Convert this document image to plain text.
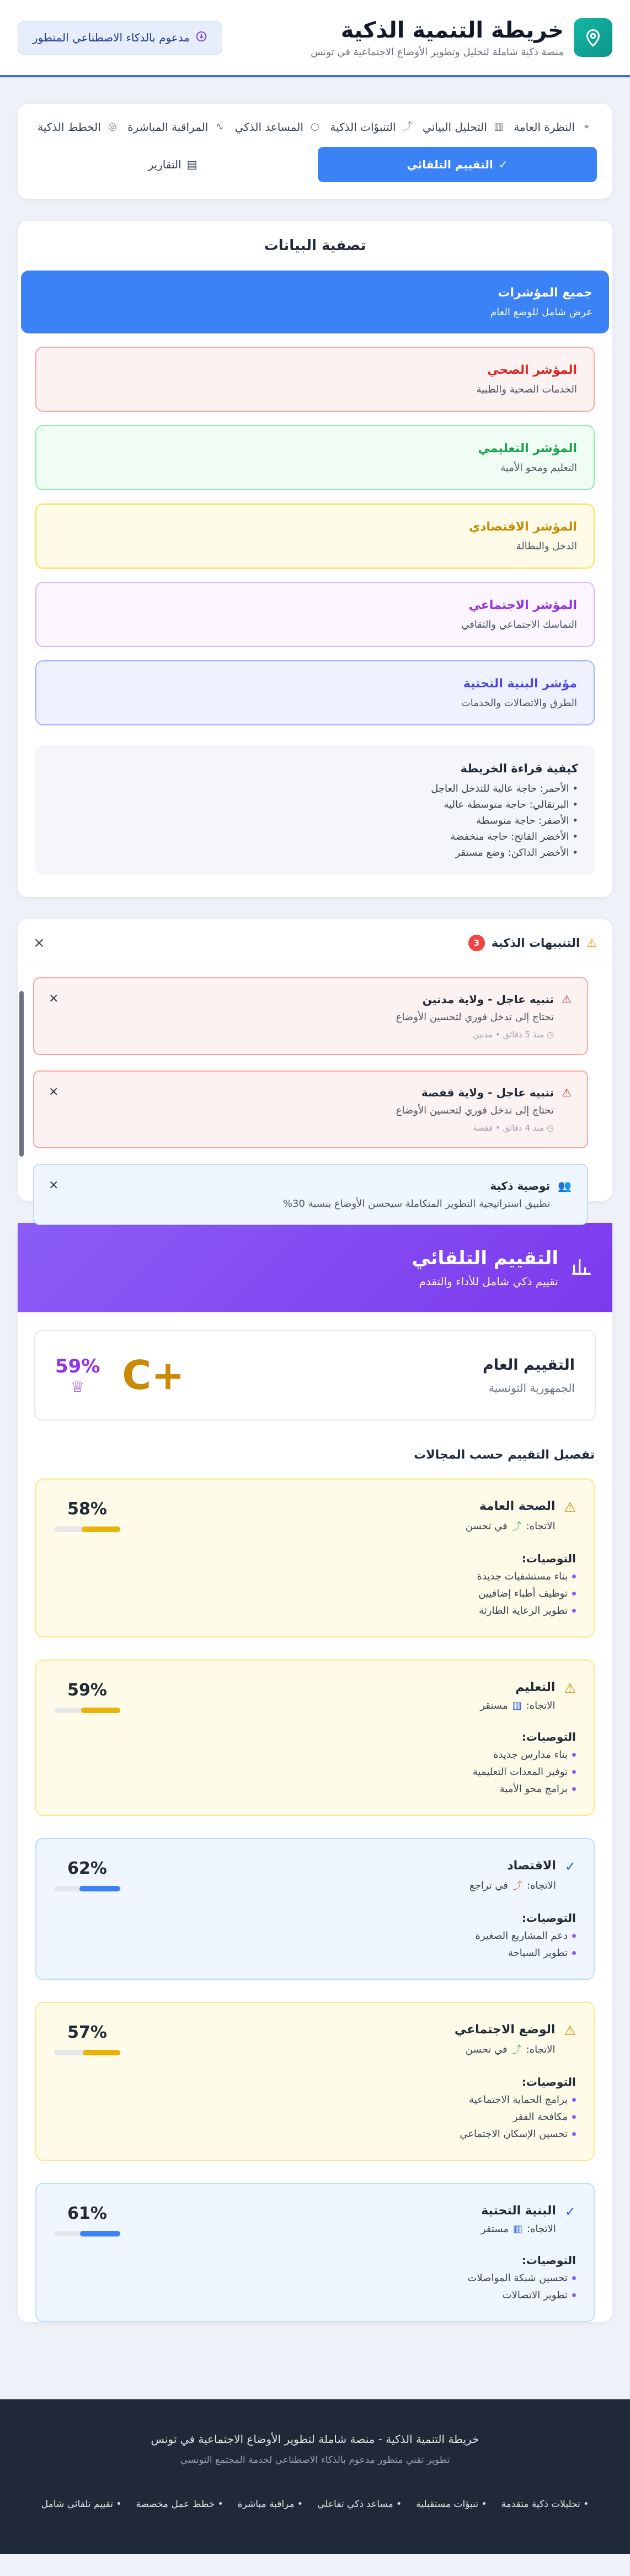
خريطة التنمية الذكية

منصة ذكية شاملة لتحليل وتطوير الأوضاع الاجتماعية في تونس

مدعوم بالذكاء الاصطناعي المتطور
⌖
النظرة العامة
▥
التحليل البياني
⤴
التنبؤات الذكية
○
المساعد الذكي
∿
المراقبة المباشرة
◎
الخطط الذكية
✓
التقييم التلقائي
▤
التقارير
تصفية البيانات
جميع المؤشرات
عرض شامل للوضع العام
المؤشر الصحي
الخدمات الصحية والطبية
المؤشر التعليمي
التعليم ومحو الأمية
المؤشر الاقتصادي
الدخل والبطالة
المؤشر الاجتماعي
التماسك الاجتماعي والثقافي
مؤشر البنية التحتية
الطرق والاتصالات والخدمات
كيفية قراءة الخريطة
• الأحمر: حاجة عالية للتدخل العاجل
• البرتقالي: حاجة متوسطة عالية
• الأصفر: حاجة متوسطة
• الأخضر الفاتح: حاجة منخفضة
• الأخضر الداكن: وضع مستقر
⚠
التنبيهات الذكية
3
×
⚠
تنبيه عاجل - ولاية مدنين
تحتاج إلى تدخل فوري لتحسين الأوضاع
◷ منذ 5 دقائق • مدنين
×
⚠
تنبيه عاجل - ولاية قفصة
تحتاج إلى تدخل فوري لتحسين الأوضاع
◷ منذ 4 دقائق • قفصة
×
👥
توصية ذكية
تطبيق استراتيجية التطوير المتكاملة سيحسن الأوضاع بنسبة 30%
×
التقييم التلقائي

تقييم ذكي شامل للأداء والتقدم

التقييم العام
الجمهورية التونسية
C+
59%
♕
تفصيل التقييم حسب المجالات
⚠
الصحة العامة
الاتجاه:
⤴
في تحسن
التوصيات:
بناء مستشفيات جديدة
توظيف أطباء إضافيين
تطوير الرعاية الطارئة
58%
⚠
التعليم
الاتجاه:
▥
مستقر
التوصيات:
بناء مدارس جديدة
توفير المعدات التعليمية
برامج محو الأمية
59%
✓
الاقتصاد
الاتجاه:
⤴
في تراجع
التوصيات:
دعم المشاريع الصغيرة
تطوير السياحة
62%
⚠
الوضع الاجتماعي
الاتجاه:
⤴
في تحسن
التوصيات:
برامج الحماية الاجتماعية
مكافحة الفقر
تحسين الإسكان الاجتماعي
57%
✓
البنية التحتية
الاتجاه:
▥
مستقر
التوصيات:
تحسين شبكة المواصلات
تطوير الاتصالات
61%
خريطة التنمية الذكية - منصة شاملة لتطوير الأوضاع الاجتماعية في تونس
تطوير تقني متطور مدعوم بالذكاء الاصطناعي لخدمة المجتمع التونسي
• تحليلات ذكية متقدمة
• تنبؤات مستقبلية
• مساعد ذكي تفاعلي
• مراقبة مباشرة
• خطط عمل مخصصة
• تقييم تلقائي شامل
